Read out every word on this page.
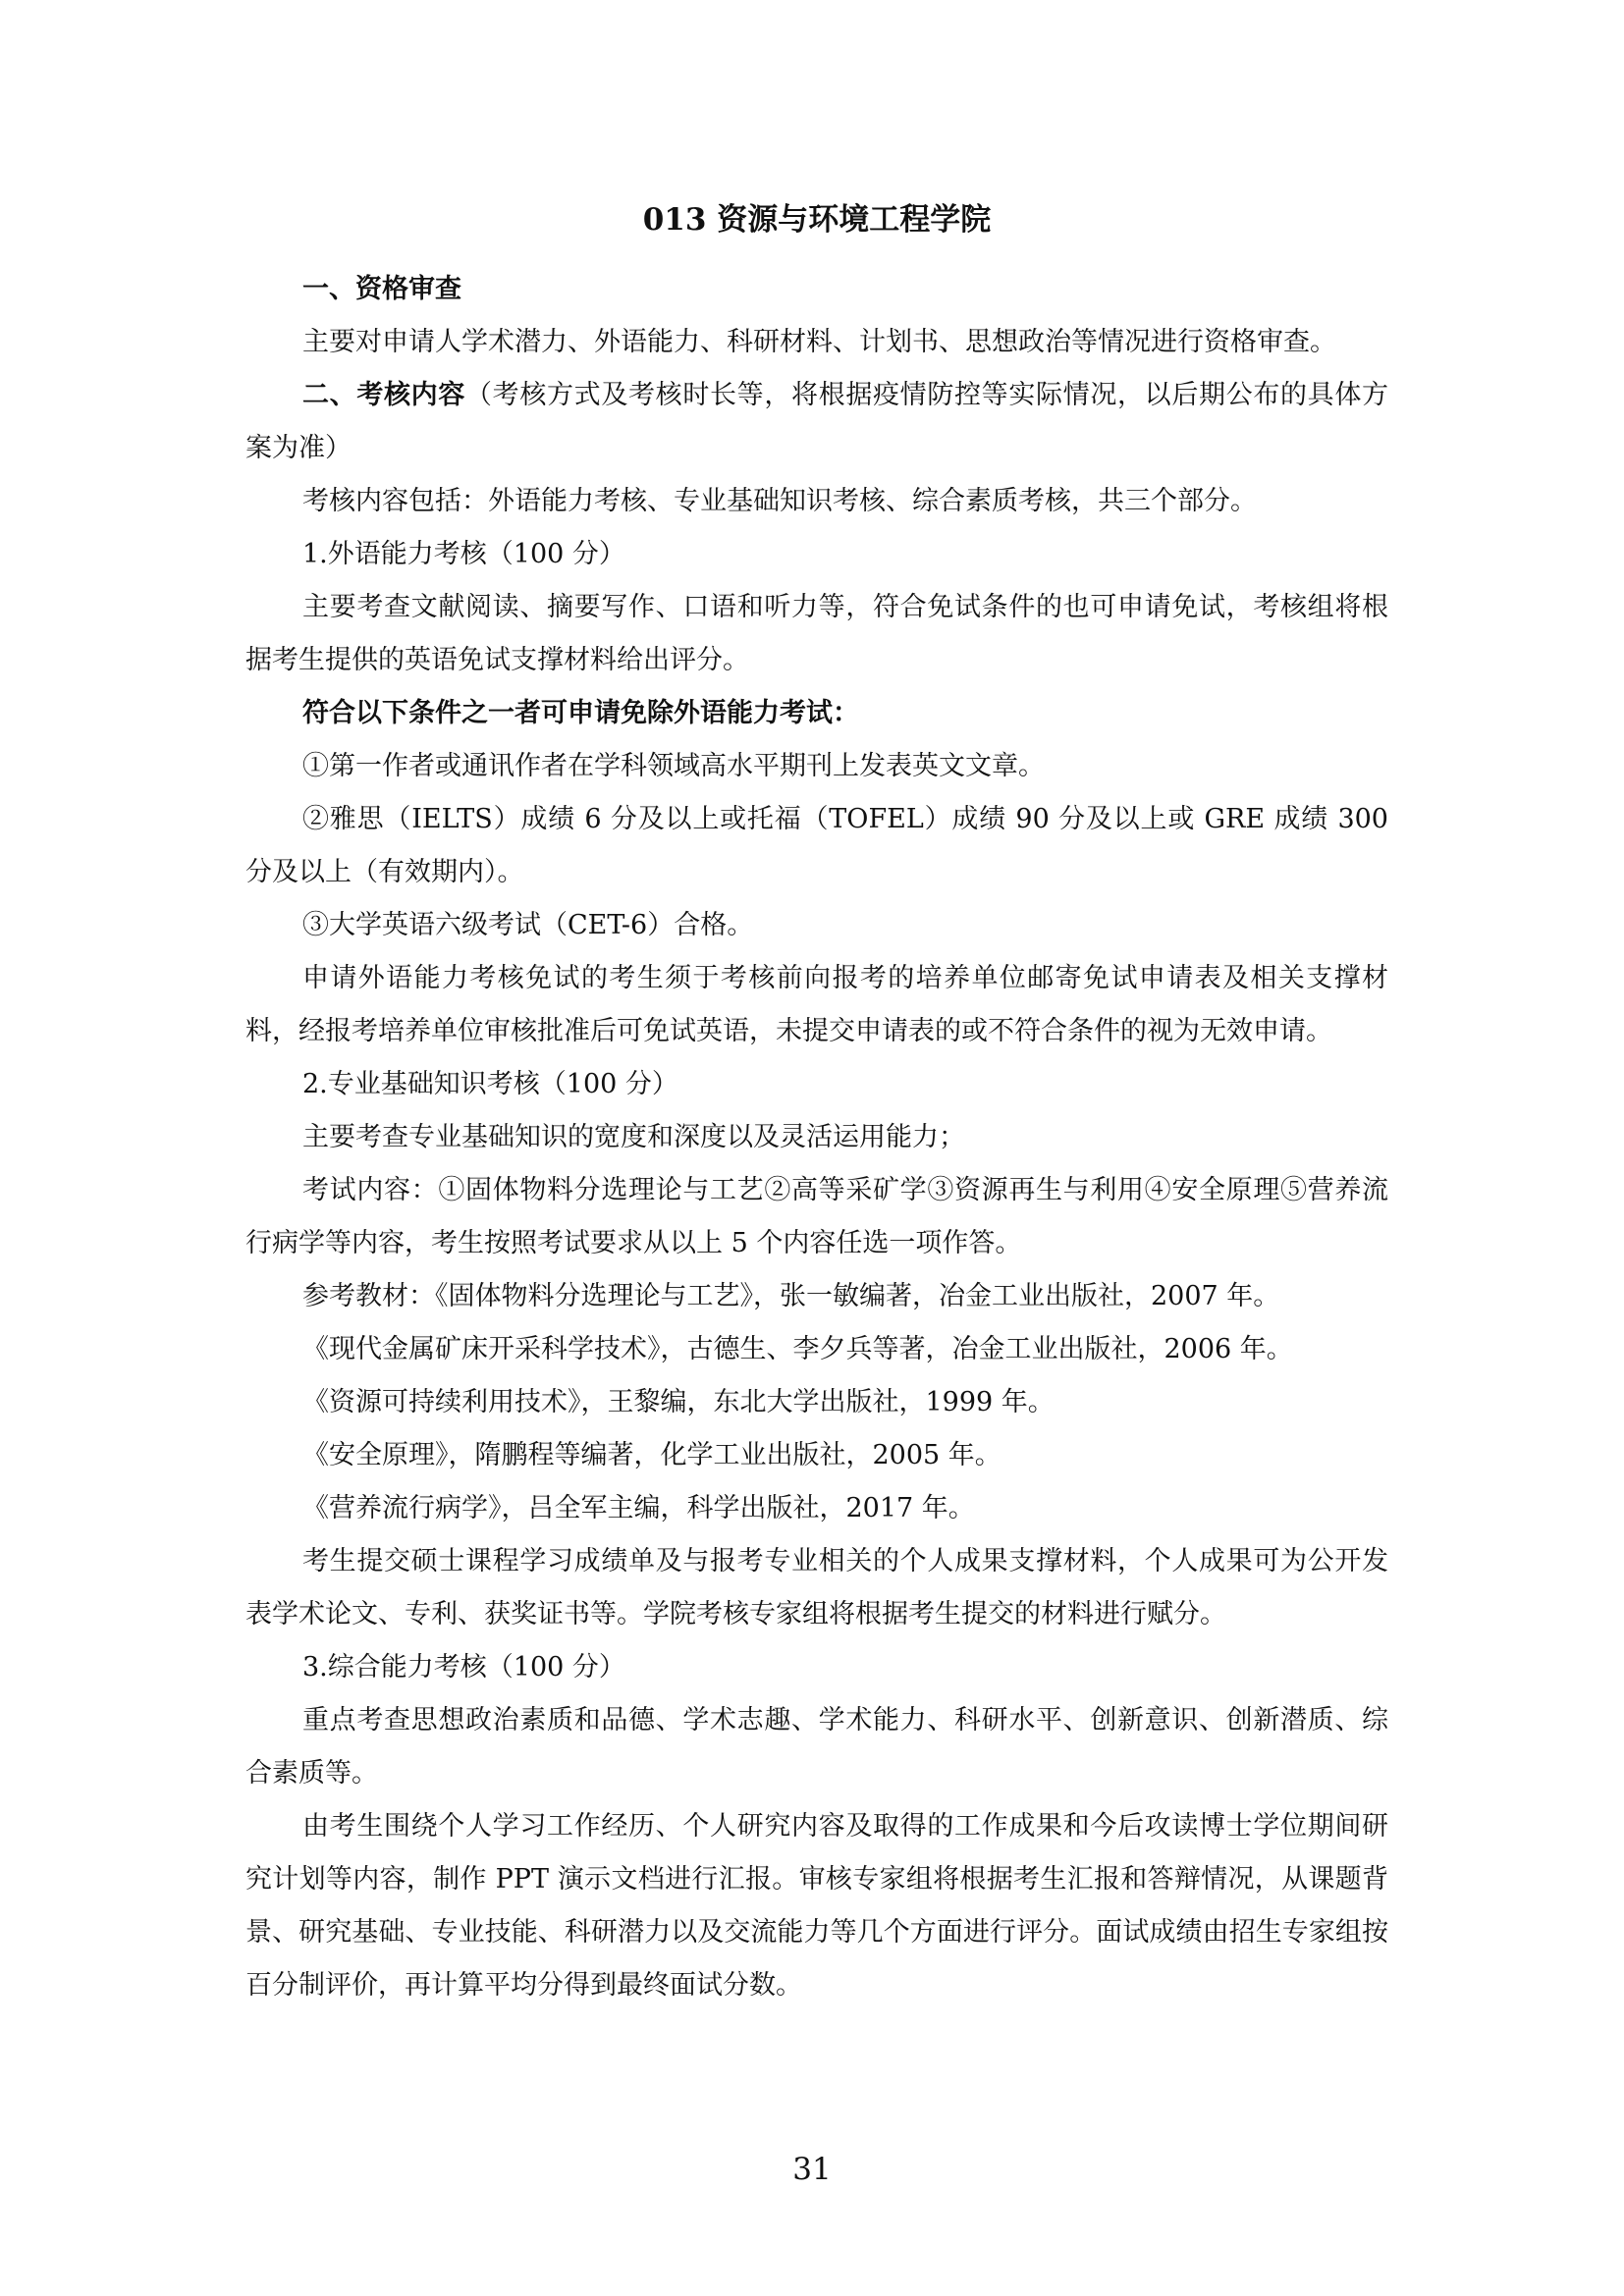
013 资源与环境工程学院

一、资格审查

主要对申请人学术潜力、外语能力、科研材料、计划书、思想政治等情况进行资格审查。

二、考核内容（考核方式及考核时长等，将根据疫情防控等实际情况，以后期公布的具体方案为准）

考核内容包括：外语能力考核、专业基础知识考核、综合素质考核，共三个部分。

1.外语能力考核（100 分）

主要考查文献阅读、摘要写作、口语和听力等，符合免试条件的也可申请免试，考核组将根据考生提供的英语免试支撑材料给出评分。

符合以下条件之一者可申请免除外语能力考试：

①第一作者或通讯作者在学科领域高水平期刊上发表英文文章。

②雅思（IELTS）成绩 6 分及以上或托福（TOFEL）成绩 90 分及以上或 GRE 成绩 300 分及以上（有效期内）。

③大学英语六级考试（CET-6）合格。

申请外语能力考核免试的考生须于考核前向报考的培养单位邮寄免试申请表及相关支撑材料，经报考培养单位审核批准后可免试英语，未提交申请表的或不符合条件的视为无效申请。

2.专业基础知识考核（100 分）

主要考查专业基础知识的宽度和深度以及灵活运用能力；

考试内容：①固体物料分选理论与工艺②高等采矿学③资源再生与利用④安全原理⑤营养流行病学等内容，考生按照考试要求从以上 5 个内容任选一项作答。

参考教材：《固体物料分选理论与工艺》，张一敏编著，冶金工业出版社，2007 年。

《现代金属矿床开采科学技术》，古德生、李夕兵等著，冶金工业出版社，2006 年。

《资源可持续利用技术》，王黎编，东北大学出版社，1999 年。

《安全原理》，隋鹏程等编著，化学工业出版社，2005 年。

《营养流行病学》，吕全军主编，科学出版社，2017 年。

考生提交硕士课程学习成绩单及与报考专业相关的个人成果支撑材料，个人成果可为公开发表学术论文、专利、获奖证书等。学院考核专家组将根据考生提交的材料进行赋分。

3.综合能力考核（100 分）

重点考查思想政治素质和品德、学术志趣、学术能力、科研水平、创新意识、创新潜质、综合素质等。

由考生围绕个人学习工作经历、个人研究内容及取得的工作成果和今后攻读博士学位期间研究计划等内容，制作 PPT 演示文档进行汇报。审核专家组将根据考生汇报和答辩情况，从课题背景、研究基础、专业技能、科研潜力以及交流能力等几个方面进行评分。面试成绩由招生专家组按百分制评价，再计算平均分得到最终面试分数。

31
